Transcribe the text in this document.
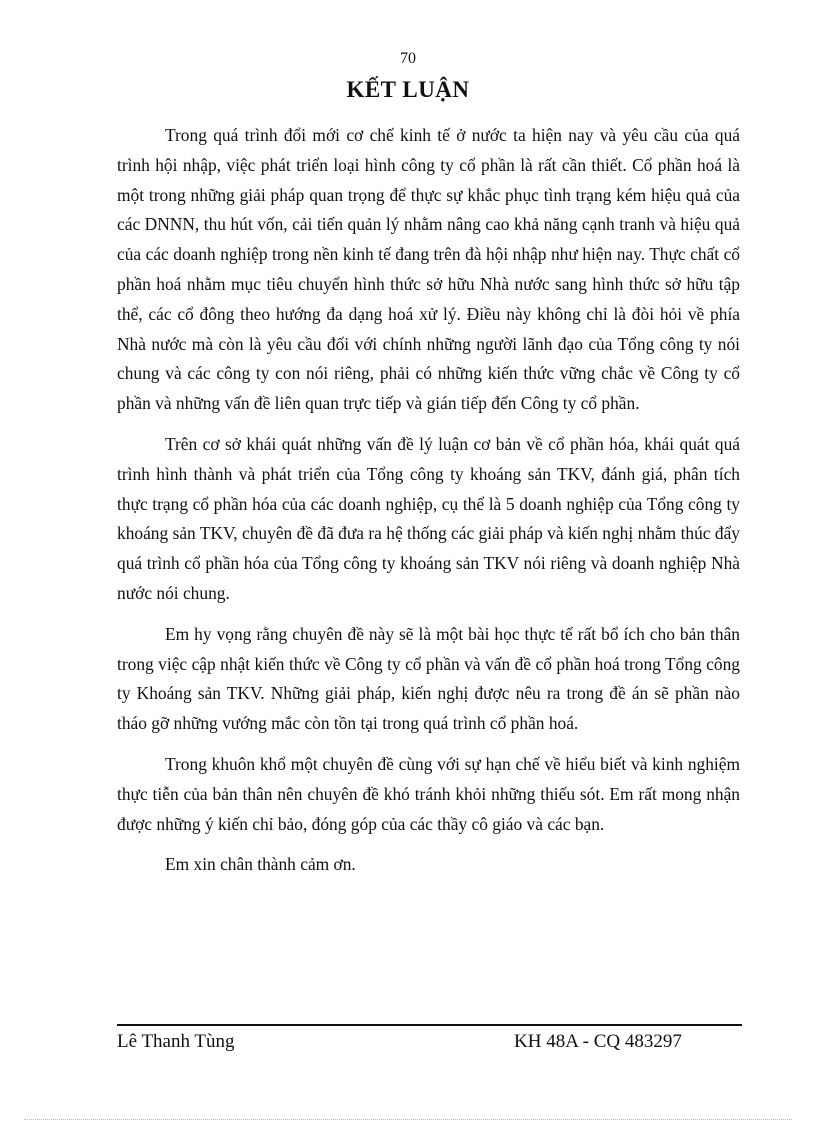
70
KẾT LUẬN

Trong quá trình đổi mới cơ chế kinh tế ở nước ta hiện nay và yêu cầu của quá trình hội nhập, việc phát triển loại hình công ty cổ phần là rất cần thiết. Cổ phần hoá là một trong những giải pháp quan trọng để thực sự khắc phục tình trạng kém hiệu quả của các DNNN, thu hút vốn, cải tiến quản lý nhằm nâng cao khả năng cạnh tranh và hiệu quả của các doanh nghiệp trong nền kinh tế đang trên đà hội nhập như hiện nay. Thực chất cổ phần hoá nhằm mục tiêu chuyển hình thức sở hữu Nhà nước sang hình thức sở hữu tập thể, các cổ đông theo hướng đa dạng hoá xử lý. Điều này không chỉ là đòi hỏi về phía Nhà nước mà còn là yêu cầu đối với chính những người lãnh đạo của Tổng công ty nói chung và các công ty con nói riêng, phải có những kiến thức vững chắc về Công ty cổ phần và những vấn đề liên quan trực tiếp và gián tiếp đến Công ty cổ phần.

Trên cơ sở khái quát những vấn đề lý luận cơ bản về cổ phần hóa, khái quát quá trình hình thành và phát triển của Tổng công ty khoáng sản TKV, đánh giá, phân tích thực trạng cổ phần hóa của các doanh nghiệp, cụ thể là 5 doanh nghiệp của Tổng công ty khoáng sản TKV, chuyên đề đã đưa ra hệ thống các giải pháp và kiến nghị nhằm thúc đẩy quá trình cổ phần hóa của Tổng công ty khoáng sản TKV nói riêng và doanh nghiệp Nhà nước nói chung.

Em hy vọng rằng chuyên đề này sẽ là một bài học thực tế rất bổ ích cho bản thân trong việc cập nhật kiến thức về Công ty cổ phần và vấn đề cổ phần hoá trong Tổng công ty Khoáng sản TKV. Những giải pháp, kiến nghị được nêu ra trong đề án sẽ phần nào tháo gỡ những vướng mắc còn tồn tại trong quá trình cổ phần hoá.

Trong khuôn khổ một chuyên đề cùng với sự hạn chế về hiểu biết và kinh nghiệm thực tiễn của bản thân nên chuyên đề khó tránh khỏi những thiếu sót. Em rất mong nhận được những ý kiến chỉ bảo, đóng góp của các thầy cô giáo và các bạn.

Em xin chân thành cảm ơn.

Lê Thanh Tùng	KH 48A - CQ 483297
